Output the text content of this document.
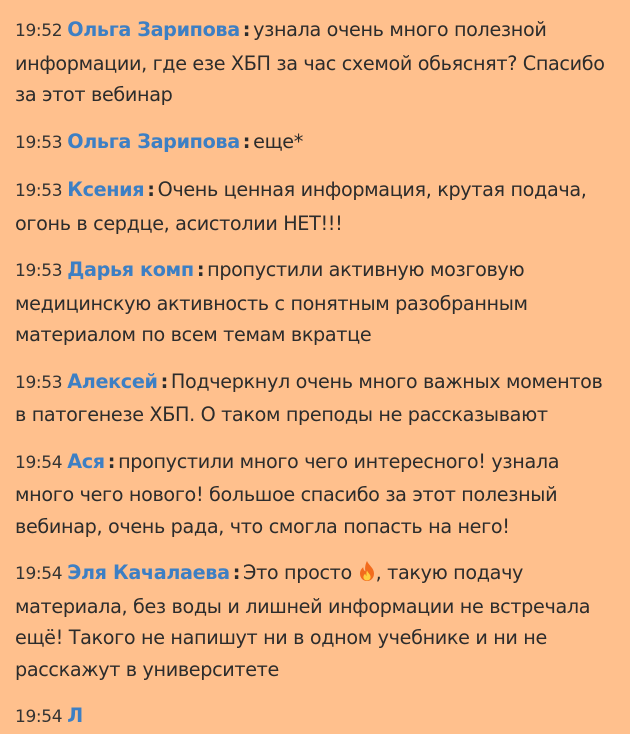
19:52 Ольга Зарипова : узнала очень много полезной информации, где езе ХБП за час схемой обьяснят? Спасибо за этот вебинар
19:53 Ольга Зарипова : еще*
19:53 Ксения : Очень ценная информация, крутая подача, огонь в сердце, асистолии НЕТ!!!
19:53 Дарья комп : пропустили активную мозговую медицинскую активность с понятным разобранным материалом по всем темам вкратце
19:53 Алексей : Подчеркнул очень много важных моментов в патогенезе ХБП. О таком преподы не рассказывают
19:54 Ася : пропустили много чего интересного! узнала много чего нового! большое спасибо за этот полезный вебинар, очень рада, что смогла попасть на него!
19:54 Эля Качалаева : Это просто , такую подачу материала, без воды и лишней информации не встречала ещё! Такого не напишут ни в одном учебнике и ни не расскажут в университете
19:54 Л
